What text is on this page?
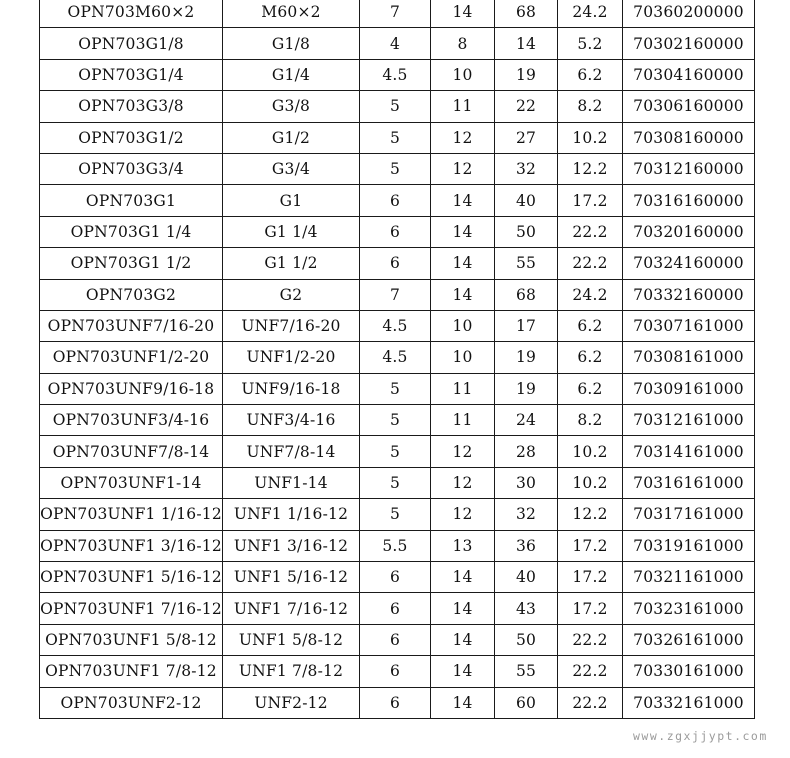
OPN703M60×2	M60×2	7	14	68	24.2	70360200000
OPN703G1/8	G1/8	4	8	14	5.2	70302160000
OPN703G1/4	G1/4	4.5	10	19	6.2	70304160000
OPN703G3/8	G3/8	5	11	22	8.2	70306160000
OPN703G1/2	G1/2	5	12	27	10.2	70308160000
OPN703G3/4	G3/4	5	12	32	12.2	70312160000
OPN703G1	G1	6	14	40	17.2	70316160000
OPN703G1 1/4	G1 1/4	6	14	50	22.2	70320160000
OPN703G1 1/2	G1 1/2	6	14	55	22.2	70324160000
OPN703G2	G2	7	14	68	24.2	70332160000
OPN703UNF7/16-20	UNF7/16-20	4.5	10	17	6.2	70307161000
OPN703UNF1/2-20	UNF1/2-20	4.5	10	19	6.2	70308161000
OPN703UNF9/16-18	UNF9/16-18	5	11	19	6.2	70309161000
OPN703UNF3/4-16	UNF3/4-16	5	11	24	8.2	70312161000
OPN703UNF7/8-14	UNF7/8-14	5	12	28	10.2	70314161000
OPN703UNF1-14	UNF1-14	5	12	30	10.2	70316161000
OPN703UNF1 1/16-12	UNF1 1/16-12	5	12	32	12.2	70317161000
OPN703UNF1 3/16-12	UNF1 3/16-12	5.5	13	36	17.2	70319161000
OPN703UNF1 5/16-12	UNF1 5/16-12	6	14	40	17.2	70321161000
OPN703UNF1 7/16-12	UNF1 7/16-12	6	14	43	17.2	70323161000
OPN703UNF1 5/8-12	UNF1 5/8-12	6	14	50	22.2	70326161000
OPN703UNF1 7/8-12	UNF1 7/8-12	6	14	55	22.2	70330161000
OPN703UNF2-12	UNF2-12	6	14	60	22.2	70332161000
www.zgxjjypt.com
